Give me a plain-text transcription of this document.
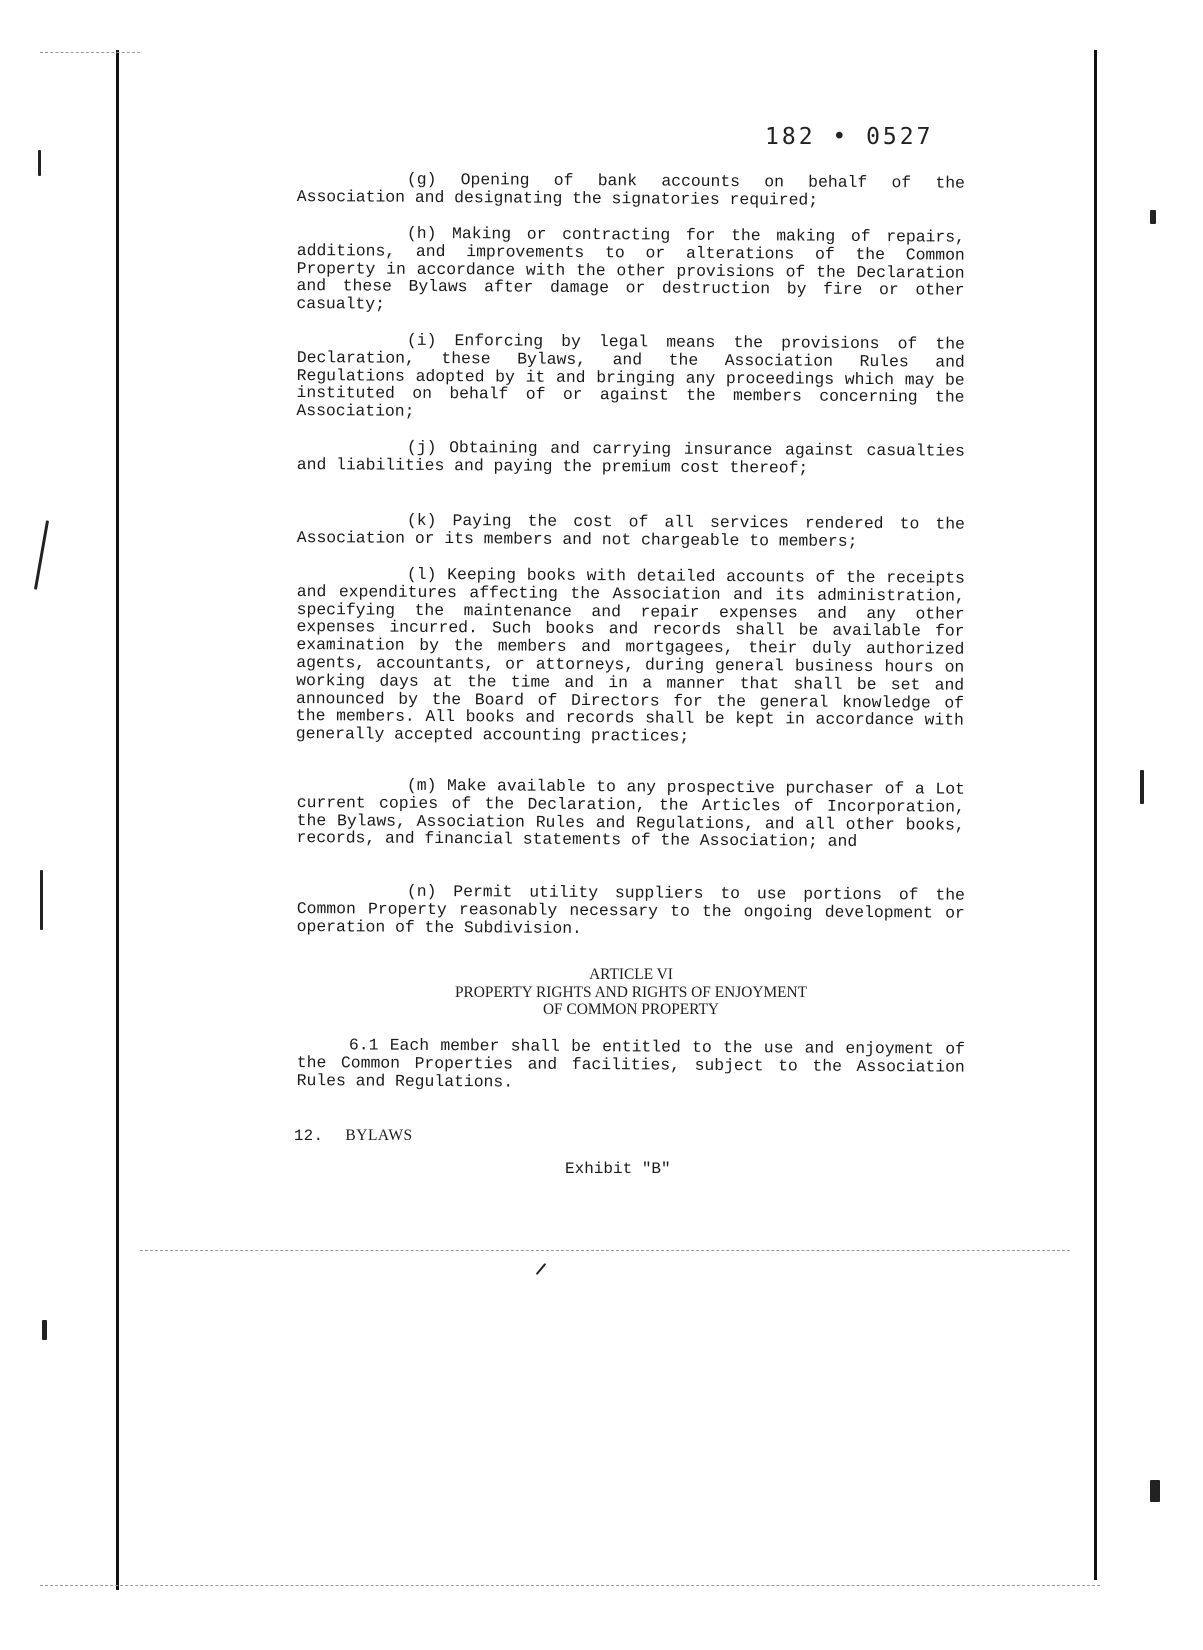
182 • 0527

(g) Opening of bank accounts on behalf of the Association and designating the signatories required;

(h) Making or contracting for the making of repairs, additions, and improvements to or alterations of the Common Property in accordance with the other provisions of the Declaration and these Bylaws after damage or destruction by fire or other casualty;

(i) Enforcing by legal means the provisions of the Declaration, these Bylaws, and the Association Rules and Regulations adopted by it and bringing any proceedings which may be instituted on behalf of or against the members concerning the Association;

(j) Obtaining and carrying insurance against casualties and liabilities and paying the premium cost thereof;

(k) Paying the cost of all services rendered to the Association or its members and not chargeable to members;

(l) Keeping books with detailed accounts of the receipts and expenditures affecting the Association and its administration, specifying the maintenance and repair expenses and any other expenses incurred. Such books and records shall be available for examination by the members and mortgagees, their duly authorized agents, accountants, or attorneys, during general business hours on working days at the time and in a manner that shall be set and announced by the Board of Directors for the general knowledge of the members. All books and records shall be kept in accordance with generally accepted accounting practices;

(m) Make available to any prospective purchaser of a Lot current copies of the Declaration, the Articles of Incorporation, the Bylaws, Association Rules and Regulations, and all other books, records, and financial statements of the Association; and

(n) Permit utility suppliers to use portions of the Common Property reasonably necessary to the ongoing development or operation of the Subdivision.

ARTICLE VI
PROPERTY RIGHTS AND RIGHTS OF ENJOYMENT
OF COMMON PROPERTY

6.1 Each member shall be entitled to the use and enjoyment of the Common Properties and facilities, subject to the Association Rules and Regulations.

12. BYLAWS
Exhibit "B"
